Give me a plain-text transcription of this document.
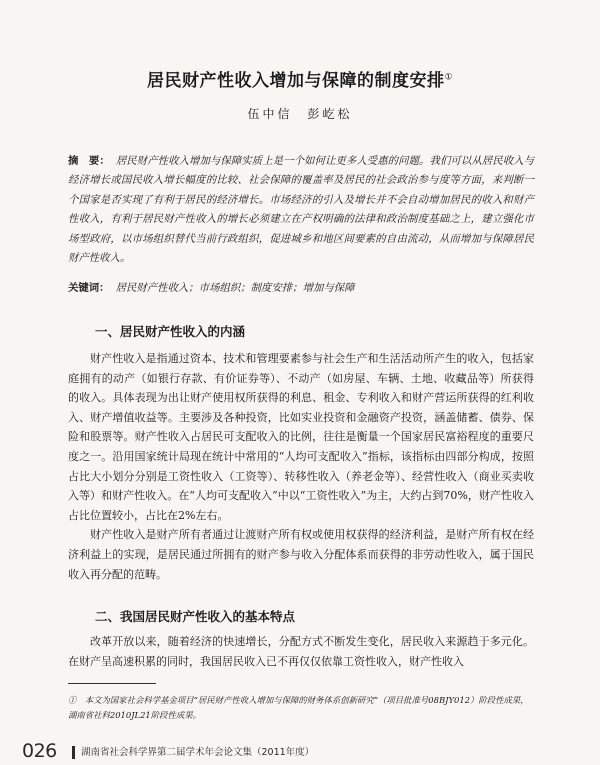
居民财产性收入增加与保障的制度安排①
伍中信　彭屹松
摘　要： 居民财产性收入增加与保障实质上是一个如何让更多人受惠的问题。我们可以从居民收入与经济增长或国民收入增长幅度的比较、社会保障的覆盖率及居民的社会政治参与度等方面，来判断一个国家是否实现了有利于居民的经济增长。市场经济的引入及增长并不会自动增加居民的收入和财产性收入，有利于居民财产性收入的增长必须建立在产权明确的法律和政治制度基础之上，建立强化市场型政府，以市场组织替代当前行政组织，促进城乡和地区间要素的自由流动，从而增加与保障居民财产性收入。
关键词： 居民财产性收入；市场组织；制度安排；增加与保障
一、居民财产性收入的内涵

财产性收入是指通过资本、技术和管理要素参与社会生产和生活活动所产生的收入，包括家庭拥有的动产（如银行存款、有价证券等）、不动产（如房屋、车辆、土地、收藏品等）所获得的收入。具体表现为出让财产使用权所获得的利息、租金、专利收入和财产营运所获得的红利收入、财产增值收益等。主要涉及各种投资，比如实业投资和金融资产投资，涵盖储蓄、债券、保险和股票等。财产性收入占居民可支配收入的比例，往往是衡量一个国家居民富裕程度的重要尺度之一。沿用国家统计局现在统计中常用的“人均可支配收入”指标，该指标由四部分构成，按照占比大小划分分别是工资性收入（工资等）、转移性收入（养老金等）、经营性收入（商业买卖收入等）和财产性收入。在“人均可支配收入”中以“工资性收入”为主，大约占到70%，财产性收入占比位置较小，占比在2%左右。

财产性收入是财产所有者通过让渡财产所有权或使用权获得的经济利益，是财产所有权在经济利益上的实现，是居民通过所拥有的财产参与收入分配体系而获得的非劳动性收入，属于国民收入再分配的范畴。

二、我国居民财产性收入的基本特点

改革开放以来，随着经济的快速增长，分配方式不断发生变化，居民收入来源趋于多元化。在财产呈高速积累的同时，我国居民收入已不再仅仅依靠工资性收入，财产性收入

①　本文为国家社会科学基金项目“居民财产性收入增加与保障的财务体系创新研究”（项目批准号08BJY012）阶段性成果，湖南省社科2010JL21阶段性成果。
026	湖南省社会科学界第二届学术年会论文集（2011年度）
